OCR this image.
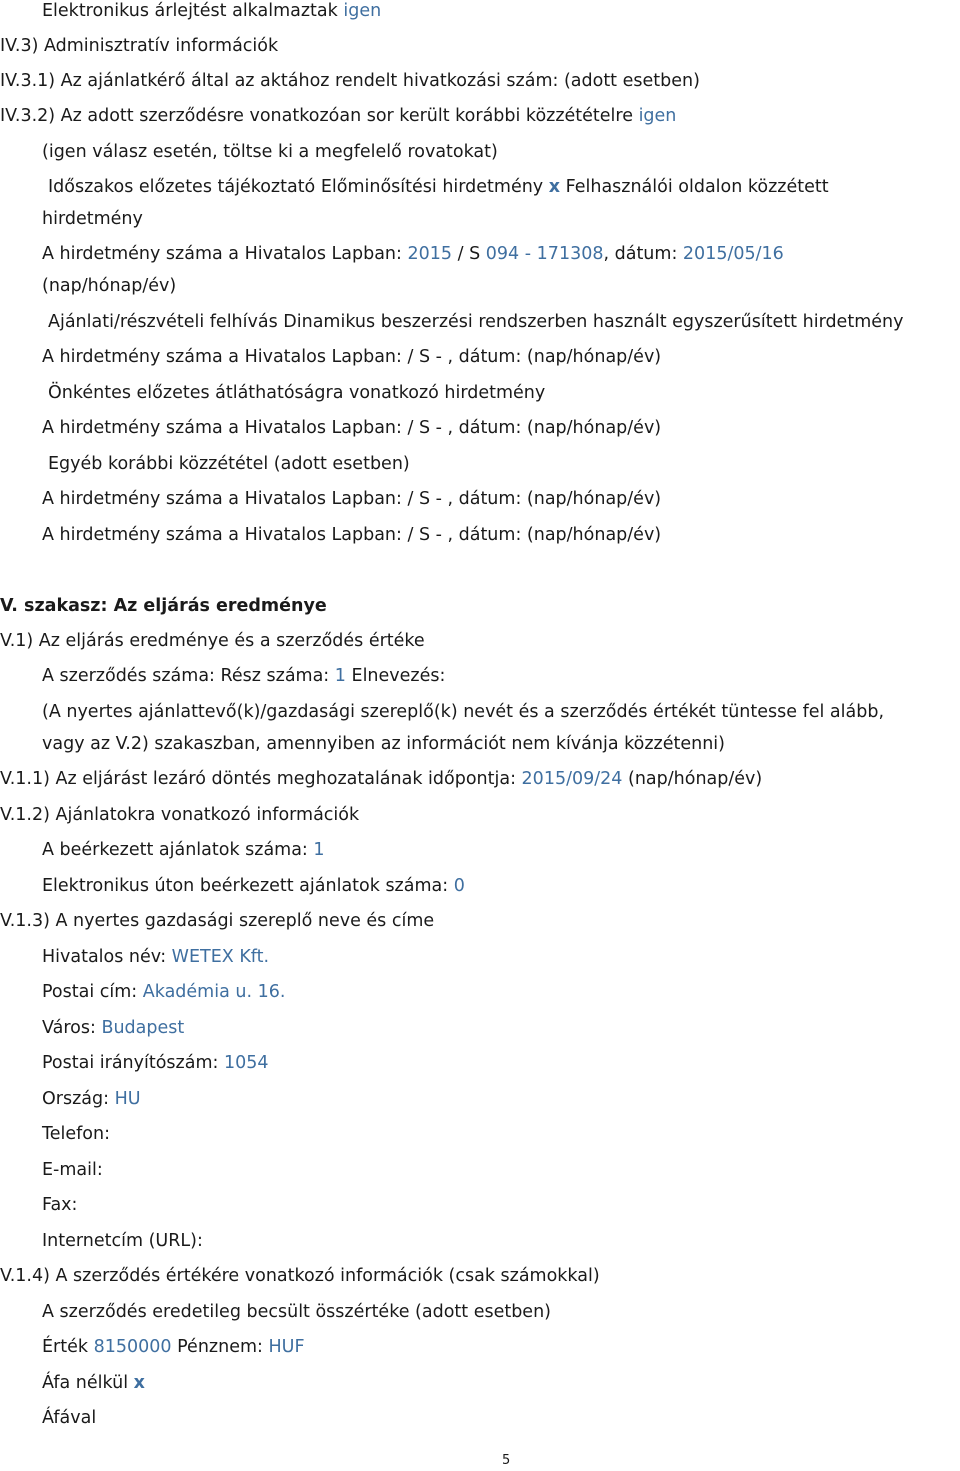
Elektronikus árlejtést alkalmaztak igen
IV.3) Adminisztratív információk
IV.3.1) Az ajánlatkérő által az aktához rendelt hivatkozási szám: (adott esetben)
IV.3.2) Az adott szerződésre vonatkozóan sor került korábbi közzétételre igen
(igen válasz esetén, töltse ki a megfelelő rovatokat)
Időszakos előzetes tájékoztató Előminősítési hirdetmény x Felhasználói oldalon közzétett
hirdetmény
A hirdetmény száma a Hivatalos Lapban: 2015 / S 094 - 171308, dátum: 2015/05/16
(nap/hónap/év)
Ajánlati/részvételi felhívás Dinamikus beszerzési rendszerben használt egyszerűsített hirdetmény
A hirdetmény száma a Hivatalos Lapban: / S - , dátum: (nap/hónap/év)
Önkéntes előzetes átláthatóságra vonatkozó hirdetmény
A hirdetmény száma a Hivatalos Lapban: / S - , dátum: (nap/hónap/év)
Egyéb korábbi közzététel (adott esetben)
A hirdetmény száma a Hivatalos Lapban: / S - , dátum: (nap/hónap/év)
A hirdetmény száma a Hivatalos Lapban: / S - , dátum: (nap/hónap/év)
V. szakasz: Az eljárás eredménye
V.1) Az eljárás eredménye és a szerződés értéke
A szerződés száma: Rész száma: 1 Elnevezés:
(A nyertes ajánlattevő(k)/gazdasági szereplő(k) nevét és a szerződés értékét tüntesse fel alább,
vagy az V.2) szakaszban, amennyiben az információt nem kívánja közzétenni)
V.1.1) Az eljárást lezáró döntés meghozatalának időpontja: 2015/09/24 (nap/hónap/év)
V.1.2) Ajánlatokra vonatkozó információk
A beérkezett ajánlatok száma: 1
Elektronikus úton beérkezett ajánlatok száma: 0
V.1.3) A nyertes gazdasági szereplő neve és címe
Hivatalos név: WETEX Kft.
Postai cím: Akadémia u. 16.
Város: Budapest
Postai irányítószám: 1054
Ország: HU
Telefon:
E-mail:
Fax:
Internetcím (URL):
V.1.4) A szerződés értékére vonatkozó információk (csak számokkal)
A szerződés eredetileg becsült összértéke (adott esetben)
Érték 8150000 Pénznem: HUF
Áfa nélkül x
Áfával
5
